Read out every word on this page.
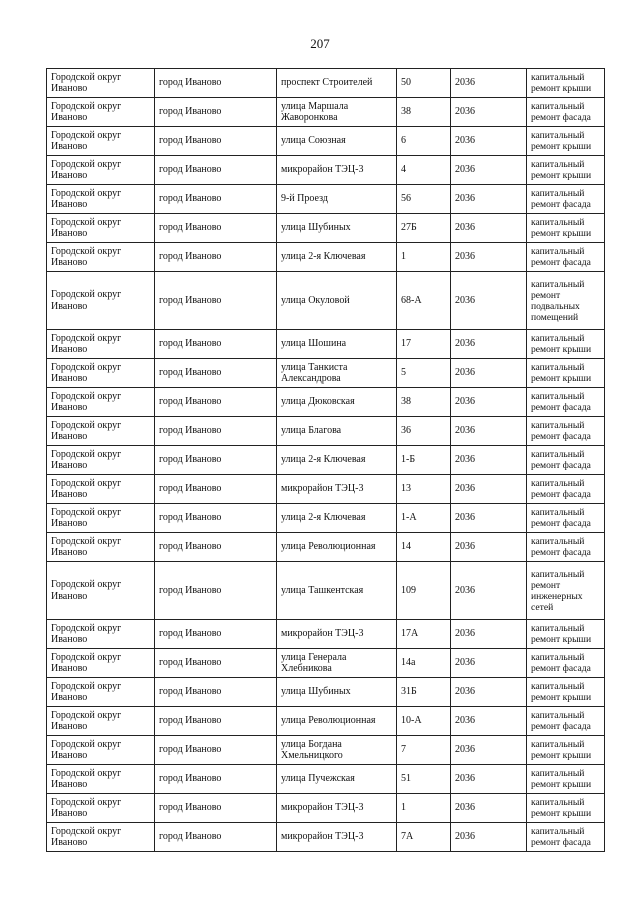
207
Городской округ Иваново	город Иваново	проспект Строителей	50	2036	капитальный ремонт крыши
Городской округ Иваново	город Иваново	улица Маршала Жаворонкова	38	2036	капитальный ремонт фасада
Городской округ Иваново	город Иваново	улица Союзная	6	2036	капитальный ремонт крыши
Городской округ Иваново	город Иваново	микрорайон ТЭЦ-3	4	2036	капитальный ремонт крыши
Городской округ Иваново	город Иваново	9-й Проезд	56	2036	капитальный ремонт фасада
Городской округ Иваново	город Иваново	улица Шубиных	27Б	2036	капитальный ремонт крыши
Городской округ Иваново	город Иваново	улица 2-я Ключевая	1	2036	капитальный ремонт фасада
Городской округ Иваново	город Иваново	улица Окуловой	68-А	2036	капитальный ремонт подвальных помещений
Городской округ Иваново	город Иваново	улица Шошина	17	2036	капитальный ремонт крыши
Городской округ Иваново	город Иваново	улица Танкиста Александрова	5	2036	капитальный ремонт крыши
Городской округ Иваново	город Иваново	улица Дюковская	38	2036	капитальный ремонт фасада
Городской округ Иваново	город Иваново	улица Благова	36	2036	капитальный ремонт фасада
Городской округ Иваново	город Иваново	улица 2-я Ключевая	1-Б	2036	капитальный ремонт фасада
Городской округ Иваново	город Иваново	микрорайон ТЭЦ-3	13	2036	капитальный ремонт фасада
Городской округ Иваново	город Иваново	улица 2-я Ключевая	1-А	2036	капитальный ремонт фасада
Городской округ Иваново	город Иваново	улица Революционная	14	2036	капитальный ремонт фасада
Городской округ Иваново	город Иваново	улица Ташкентская	109	2036	капитальный ремонт инженерных сетей
Городской округ Иваново	город Иваново	микрорайон ТЭЦ-3	17А	2036	капитальный ремонт крыши
Городской округ Иваново	город Иваново	улица Генерала Хлебникова	14а	2036	капитальный ремонт фасада
Городской округ Иваново	город Иваново	улица Шубиных	31Б	2036	капитальный ремонт крыши
Городской округ Иваново	город Иваново	улица Революционная	10-А	2036	капитальный ремонт фасада
Городской округ Иваново	город Иваново	улица Богдана Хмельницкого	7	2036	капитальный ремонт крыши
Городской округ Иваново	город Иваново	улица Пучежская	51	2036	капитальный ремонт крыши
Городской округ Иваново	город Иваново	микрорайон ТЭЦ-3	1	2036	капитальный ремонт крыши
Городской округ Иваново	город Иваново	микрорайон ТЭЦ-3	7А	2036	капитальный ремонт фасада
